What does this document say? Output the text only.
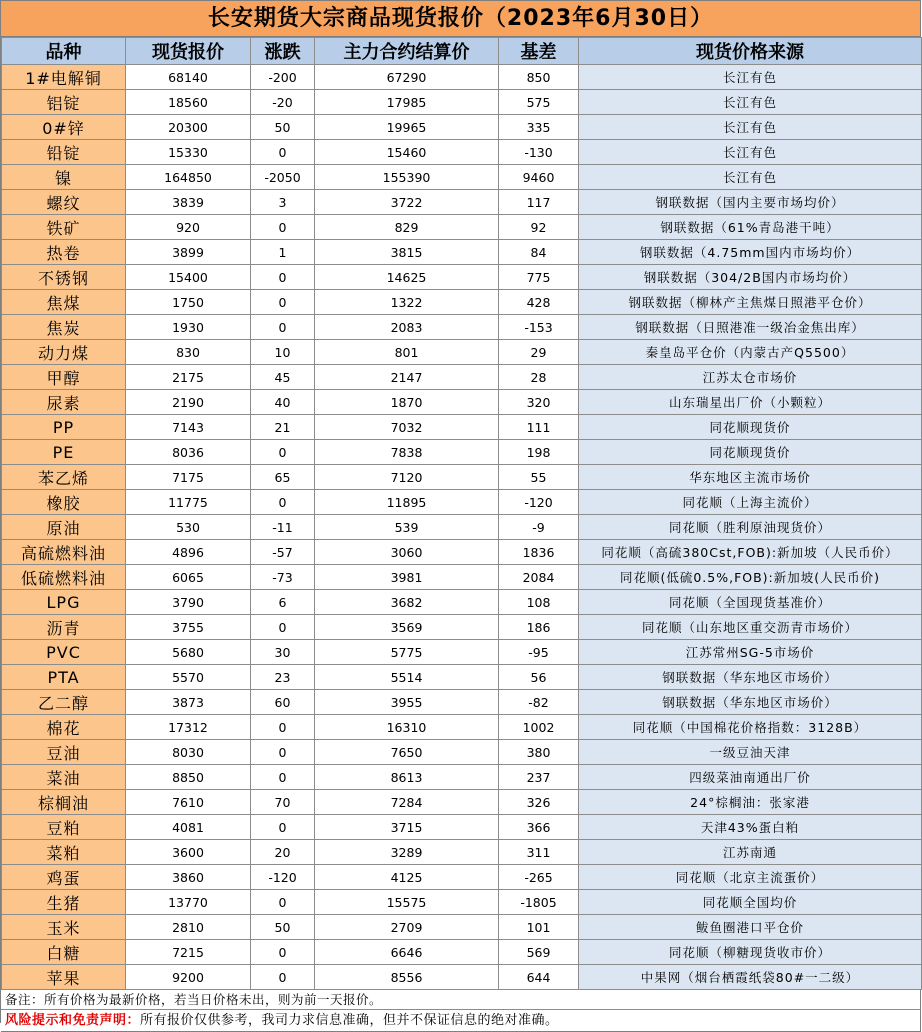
长安期货大宗商品现货报价（2023年6月30日）
品种	现货报价	涨跌	主力合约结算价	基差	现货价格来源
1#电解铜	68140	-200	67290	850	长江有色
铝锭	18560	-20	17985	575	长江有色
0#锌	20300	50	19965	335	长江有色
铅锭	15330	0	15460	-130	长江有色
镍	164850	-2050	155390	9460	长江有色
螺纹	3839	3	3722	117	钢联数据（国内主要市场均价）
铁矿	920	0	829	92	钢联数据（61%青岛港干吨）
热卷	3899	1	3815	84	钢联数据（4.75mm国内市场均价）
不锈钢	15400	0	14625	775	钢联数据（304/2B国内市场均价）
焦煤	1750	0	1322	428	钢联数据（柳林产主焦煤日照港平仓价）
焦炭	1930	0	2083	-153	钢联数据（日照港准一级冶金焦出库）
动力煤	830	10	801	29	秦皇岛平仓价（内蒙古产Q5500）
甲醇	2175	45	2147	28	江苏太仓市场价
尿素	2190	40	1870	320	山东瑞星出厂价（小颗粒）
PP	7143	21	7032	111	同花顺现货价
PE	8036	0	7838	198	同花顺现货价
苯乙烯	7175	65	7120	55	华东地区主流市场价
橡胶	11775	0	11895	-120	同花顺（上海主流价）
原油	530	-11	539	-9	同花顺（胜利原油现货价）
高硫燃料油	4896	-57	3060	1836	同花顺（高硫380Cst,FOB):新加坡（人民币价）
低硫燃料油	6065	-73	3981	2084	同花顺(低硫0.5%,FOB):新加坡(人民币价)
LPG	3790	6	3682	108	同花顺（全国现货基准价）
沥青	3755	0	3569	186	同花顺（山东地区重交沥青市场价）
PVC	5680	30	5775	-95	江苏常州SG-5市场价
PTA	5570	23	5514	56	钢联数据（华东地区市场价）
乙二醇	3873	60	3955	-82	钢联数据（华东地区市场价）
棉花	17312	0	16310	1002	同花顺（中国棉花价格指数：3128B）
豆油	8030	0	7650	380	一级豆油天津
菜油	8850	0	8613	237	四级菜油南通出厂价
棕榈油	7610	70	7284	326	24°棕榈油：张家港
豆粕	4081	0	3715	366	天津43%蛋白粕
菜粕	3600	20	3289	311	江苏南通
鸡蛋	3860	-120	4125	-265	同花顺（北京主流蛋价）
生猪	13770	0	15575	-1805	同花顺全国均价
玉米	2810	50	2709	101	鲅鱼圈港口平仓价
白糖	7215	0	6646	569	同花顺（柳糖现货收市价）
苹果	9200	0	8556	644	中果网（烟台栖霞纸袋80#一二级）
备注：所有价格为最新价格，若当日价格未出，则为前一天报价。
风险提示和免责声明：所有报价仅供参考，我司力求信息准确，但并不保证信息的绝对准确。
